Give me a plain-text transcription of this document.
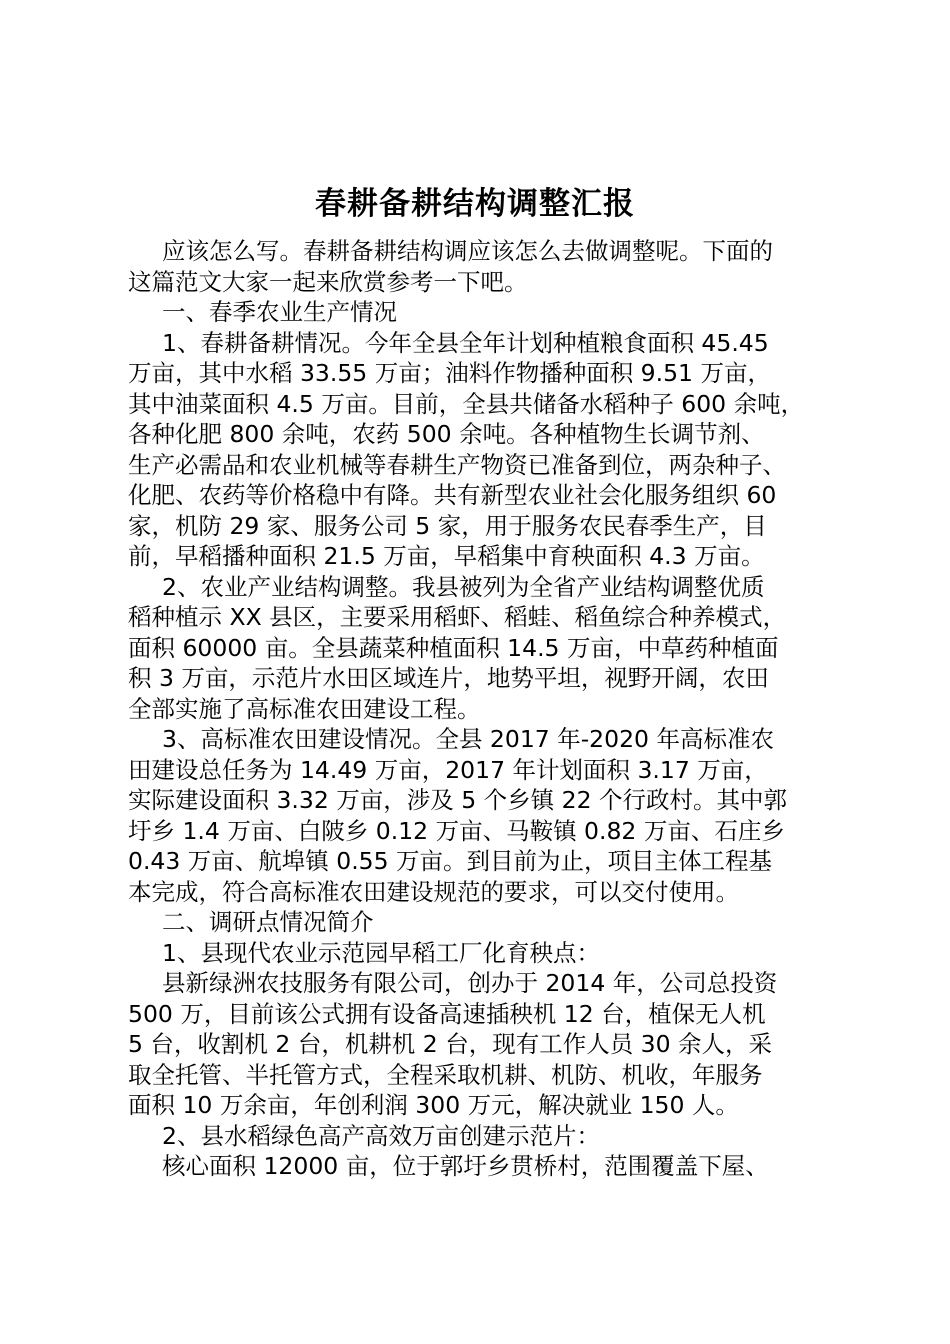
春耕备耕结构调整汇报
应该怎么写。春耕备耕结构调应该怎么去做调整呢。下面的
这篇范文大家一起来欣赏参考一下吧。
一、春季农业生产情况
1、春耕备耕情况。今年全县全年计划种植粮食面积 45.45
万亩，其中水稻 33.55 万亩；油料作物播种面积 9.51 万亩，
其中油菜面积 4.5 万亩。目前，全县共储备水稻种子 600 余吨，
各种化肥 800 余吨，农药 500 余吨。各种植物生长调节剂、
生产必需品和农业机械等春耕生产物资已准备到位，两杂种子、
化肥、农药等价格稳中有降。共有新型农业社会化服务组织 60
家，机防 29 家、服务公司 5 家，用于服务农民春季生产，目
前，早稻播种面积 21.5 万亩，早稻集中育秧面积 4.3 万亩。
2、农业产业结构调整。我县被列为全省产业结构调整优质
稻种植示 XX 县区，主要采用稻虾、稻蛙、稻鱼综合种养模式，
面积 60000 亩。全县蔬菜种植面积 14.5 万亩，中草药种植面
积 3 万亩，示范片水田区域连片，地势平坦，视野开阔，农田
全部实施了高标准农田建设工程。
3、高标准农田建设情况。全县 2017 年-2020 年高标准农
田建设总任务为 14.49 万亩，2017 年计划面积 3.17 万亩，
实际建设面积 3.32 万亩，涉及 5 个乡镇 22 个行政村。其中郭
圩乡 1.4 万亩、白陂乡 0.12 万亩、马鞍镇 0.82 万亩、石庄乡
0.43 万亩、航埠镇 0.55 万亩。到目前为止，项目主体工程基
本完成，符合高标准农田建设规范的要求，可以交付使用。
二、调研点情况简介
1、县现代农业示范园早稻工厂化育秧点：
县新绿洲农技服务有限公司，创办于 2014 年，公司总投资
500 万，目前该公式拥有设备高速插秧机 12 台，植保无人机
5 台，收割机 2 台，机耕机 2 台，现有工作人员 30 余人，采
取全托管、半托管方式，全程采取机耕、机防、机收，年服务
面积 10 万余亩，年创利润 300 万元，解决就业 150 人。
2、县水稻绿色高产高效万亩创建示范片：
核心面积 12000 亩，位于郭圩乡贯桥村，范围覆盖下屋、
